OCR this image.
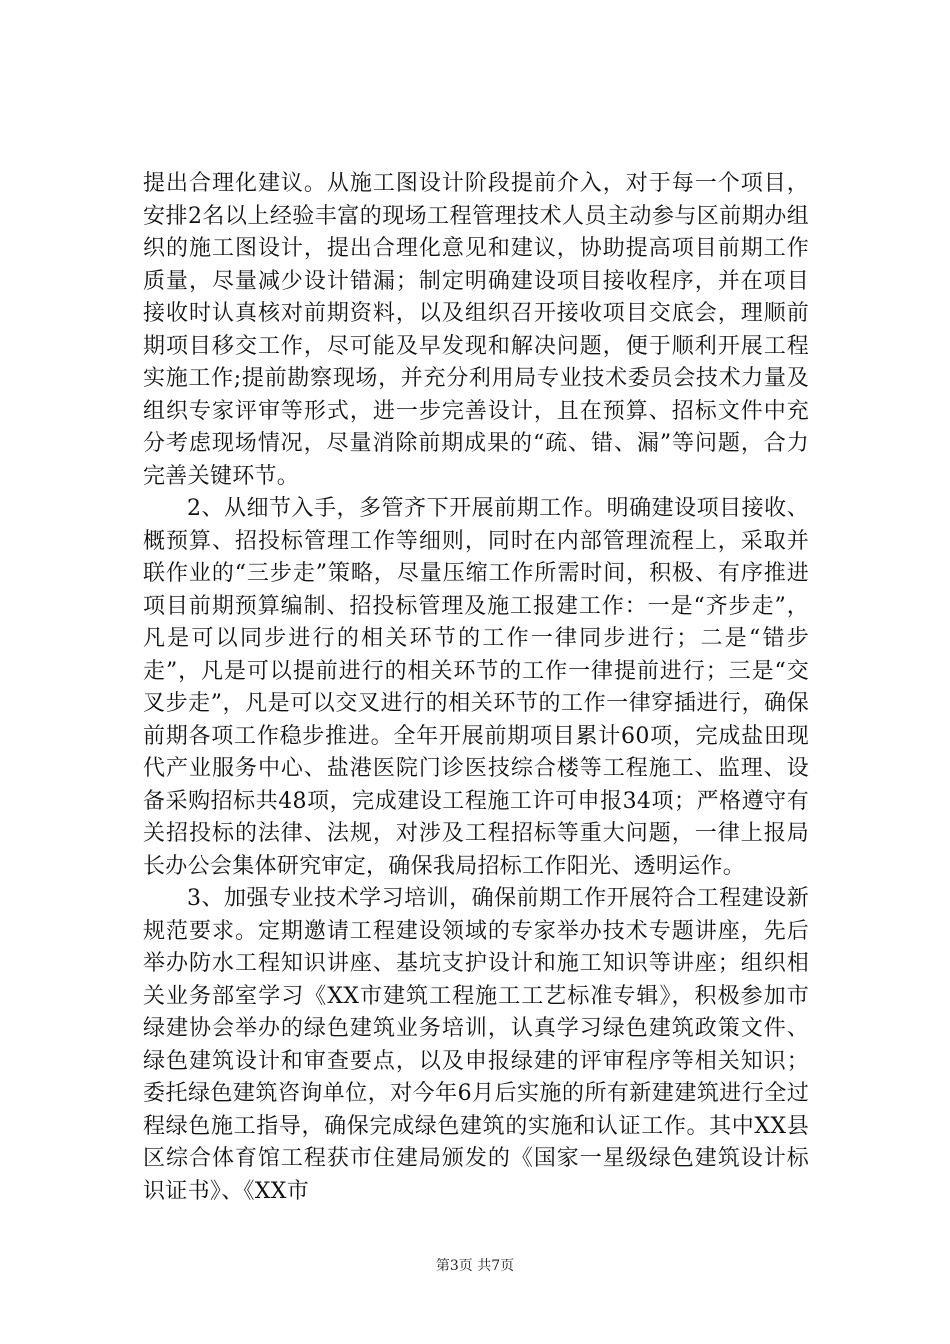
提出合理化建议。从施工图设计阶段提前介入，对于每一个项目，安排2名以上经验丰富的现场工程管理技术人员主动参与区前期办组织的施工图设计，提出合理化意见和建议，协助提高项目前期工作质量，尽量减少设计错漏；制定明确建设项目接收程序，并在项目接收时认真核对前期资料，以及组织召开接收项目交底会，理顺前期项目移交工作，尽可能及早发现和解决问题，便于顺利开展工程实施工作;提前勘察现场，并充分利用局专业技术委员会技术力量及组织专家评审等形式，进一步完善设计，且在预算、招标文件中充分考虑现场情况，尽量消除前期成果的“疏、错、漏”等问题，合力完善关键环节。

2、从细节入手，多管齐下开展前期工作。明确建设项目接收、概预算、招投标管理工作等细则，同时在内部管理流程上，采取并联作业的“三步走”策略，尽量压缩工作所需时间，积极、有序推进项目前期预算编制、招投标管理及施工报建工作：一是“齐步走”，凡是可以同步进行的相关环节的工作一律同步进行；二是“错步走”，凡是可以提前进行的相关环节的工作一律提前进行；三是“交叉步走”，凡是可以交叉进行的相关环节的工作一律穿插进行，确保前期各项工作稳步推进。全年开展前期项目累计60项，完成盐田现代产业服务中心、盐港医院门诊医技综合楼等工程施工、监理、设备采购招标共48项，完成建设工程施工许可申报34项；严格遵守有关招投标的法律、法规，对涉及工程招标等重大问题，一律上报局长办公会集体研究审定，确保我局招标工作阳光、透明运作。

3、加强专业技术学习培训，确保前期工作开展符合工程建设新规范要求。定期邀请工程建设领域的专家举办技术专题讲座，先后举办防水工程知识讲座、基坑支护设计和施工知识等讲座；组织相关业务部室学习《XX市建筑工程施工工艺标准专辑》，积极参加市绿建协会举办的绿色建筑业务培训，认真学习绿色建筑政策文件、绿色建筑设计和审查要点，以及申报绿建的评审程序等相关知识；委托绿色建筑咨询单位，对今年6月后实施的所有新建建筑进行全过程绿色施工指导，确保完成绿色建筑的实施和认证工作。其中XX县区综合体育馆工程获市住建局颁发的《国家一星级绿色建筑设计标识证书》、《XX市

第3页 共7页
